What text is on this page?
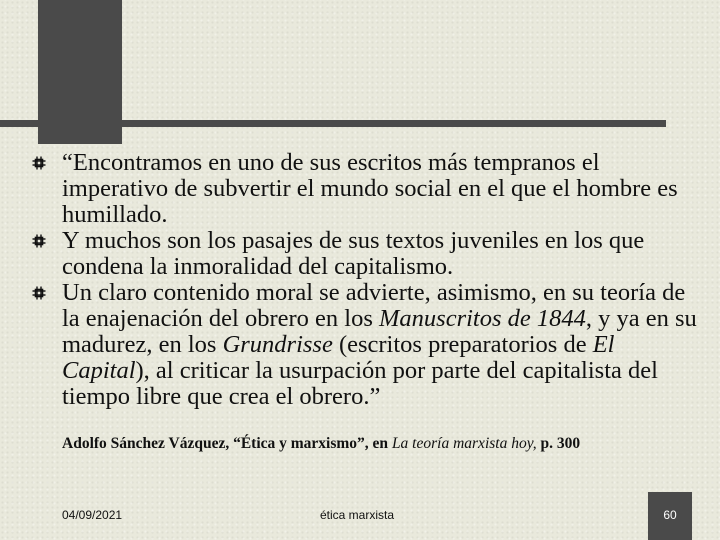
“Encontramos en uno de sus escritos más tempranos el imperativo de subvertir el mundo social en el que el hombre es humillado.

Y muchos son los pasajes de sus textos juveniles en los que condena la inmoralidad del capitalismo.

Un claro contenido moral se advierte, asimismo, en su teoría de la enajenación del obrero en los Manuscritos de 1844, y ya en su madurez, en los Grundrisse (escritos preparatorios de El Capital), al criticar la usurpación por parte del capitalista del tiempo libre que crea el obrero.”

Adolfo Sánchez Vázquez, “Ética y marxismo”, en La teoría marxista hoy, p. 300
04/09/2021	ética marxista	60
